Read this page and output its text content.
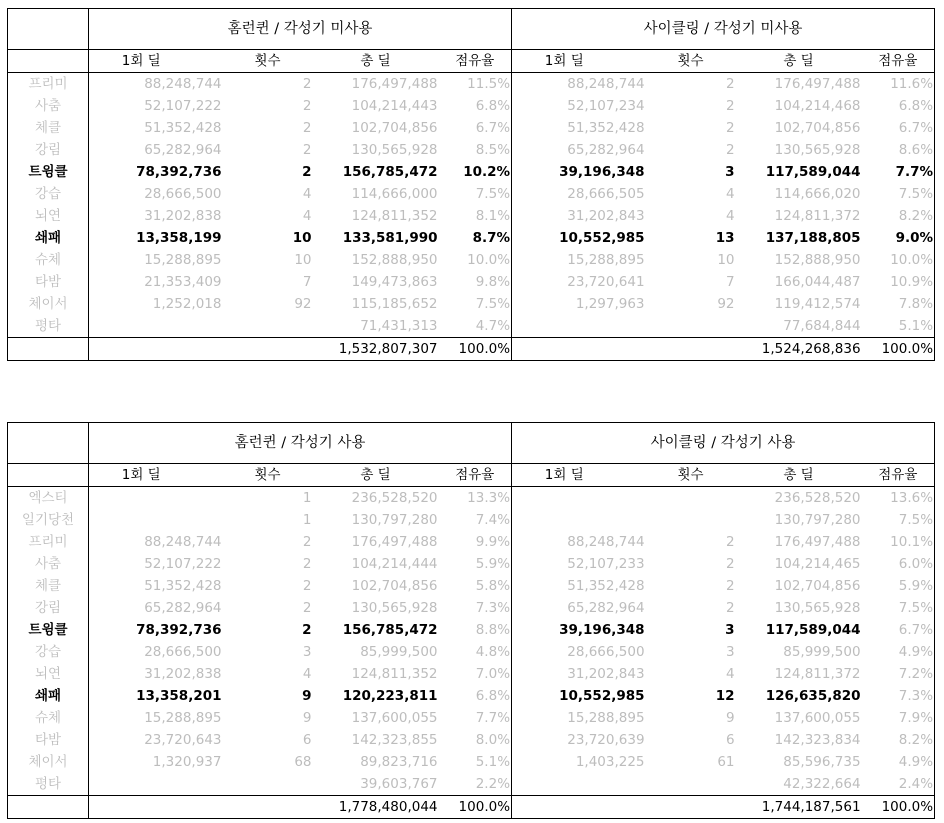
	홈런퀸 / 각성기 미사용				사이클링 / 각성기 미사용			
	1회 딜	횟수	총 딜	점유율	1회 딜	횟수	총 딜	점유율
프리미	88,248,744	2	176,497,488	11.5%	88,248,744	2	176,497,488	11.6%
사춤	52,107,222	2	104,214,443	6.8%	52,107,234	2	104,214,468	6.8%
체클	51,352,428	2	102,704,856	6.7%	51,352,428	2	102,704,856	6.7%
강림	65,282,964	2	130,565,928	8.5%	65,282,964	2	130,565,928	8.6%
트윙클	78,392,736	2	156,785,472	10.2%	39,196,348	3	117,589,044	7.7%
강습	28,666,500	4	114,666,000	7.5%	28,666,505	4	114,666,020	7.5%
뇌연	31,202,838	4	124,811,352	8.1%	31,202,843	4	124,811,372	8.2%
쇄패	13,358,199	10	133,581,990	8.7%	10,552,985	13	137,188,805	9.0%
슈체	15,288,895	10	152,888,950	10.0%	15,288,895	10	152,888,950	10.0%
타밤	21,353,409	7	149,473,863	9.8%	23,720,641	7	166,044,487	10.9%
체이서	1,252,018	92	115,185,652	7.5%	1,297,963	92	119,412,574	7.8%
평타			71,431,313	4.7%			77,684,844	5.1%
			1,532,807,307	100.0%			1,524,268,836	100.0%
	홈런퀸 / 각성기 사용				사이클링 / 각성기 사용			
	1회 딜	횟수	총 딜	점유율	1회 딜	횟수	총 딜	점유율
엑스티		1	236,528,520	13.3%			236,528,520	13.6%
일기당천		1	130,797,280	7.4%			130,797,280	7.5%
프리미	88,248,744	2	176,497,488	9.9%	88,248,744	2	176,497,488	10.1%
사춤	52,107,222	2	104,214,444	5.9%	52,107,233	2	104,214,465	6.0%
체클	51,352,428	2	102,704,856	5.8%	51,352,428	2	102,704,856	5.9%
강림	65,282,964	2	130,565,928	7.3%	65,282,964	2	130,565,928	7.5%
트윙클	78,392,736	2	156,785,472	8.8%	39,196,348	3	117,589,044	6.7%
강습	28,666,500	3	85,999,500	4.8%	28,666,500	3	85,999,500	4.9%
뇌연	31,202,838	4	124,811,352	7.0%	31,202,843	4	124,811,372	7.2%
쇄패	13,358,201	9	120,223,811	6.8%	10,552,985	12	126,635,820	7.3%
슈체	15,288,895	9	137,600,055	7.7%	15,288,895	9	137,600,055	7.9%
타밤	23,720,643	6	142,323,855	8.0%	23,720,639	6	142,323,834	8.2%
체이서	1,320,937	68	89,823,716	5.1%	1,403,225	61	85,596,735	4.9%
평타			39,603,767	2.2%			42,322,664	2.4%
			1,778,480,044	100.0%			1,744,187,561	100.0%
